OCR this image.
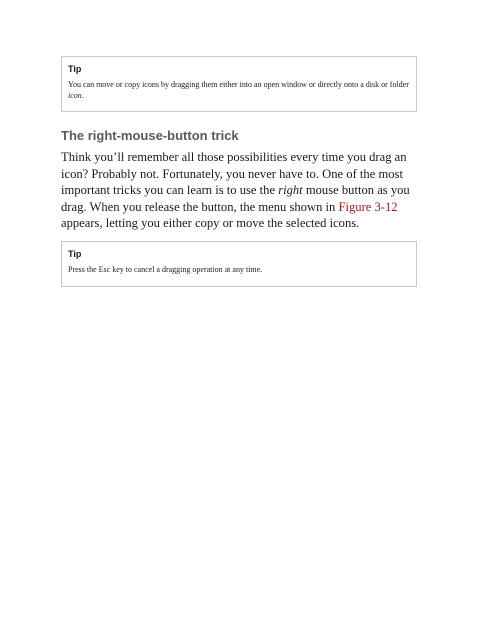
Tip

You can move or copy icons by dragging them either into an open window or directly onto a disk or folder icon.

The right-mouse-button trick

Think you’ll remember all those possibilities every time you drag an icon? Probably not. Fortunately, you never have to. One of the most important tricks you can learn is to use the right mouse button as you drag. When you release the button, the menu shown in Figure 3-12 appears, letting you either copy or move the selected icons.

Tip

Press the Esc key to cancel a dragging operation at any time.
